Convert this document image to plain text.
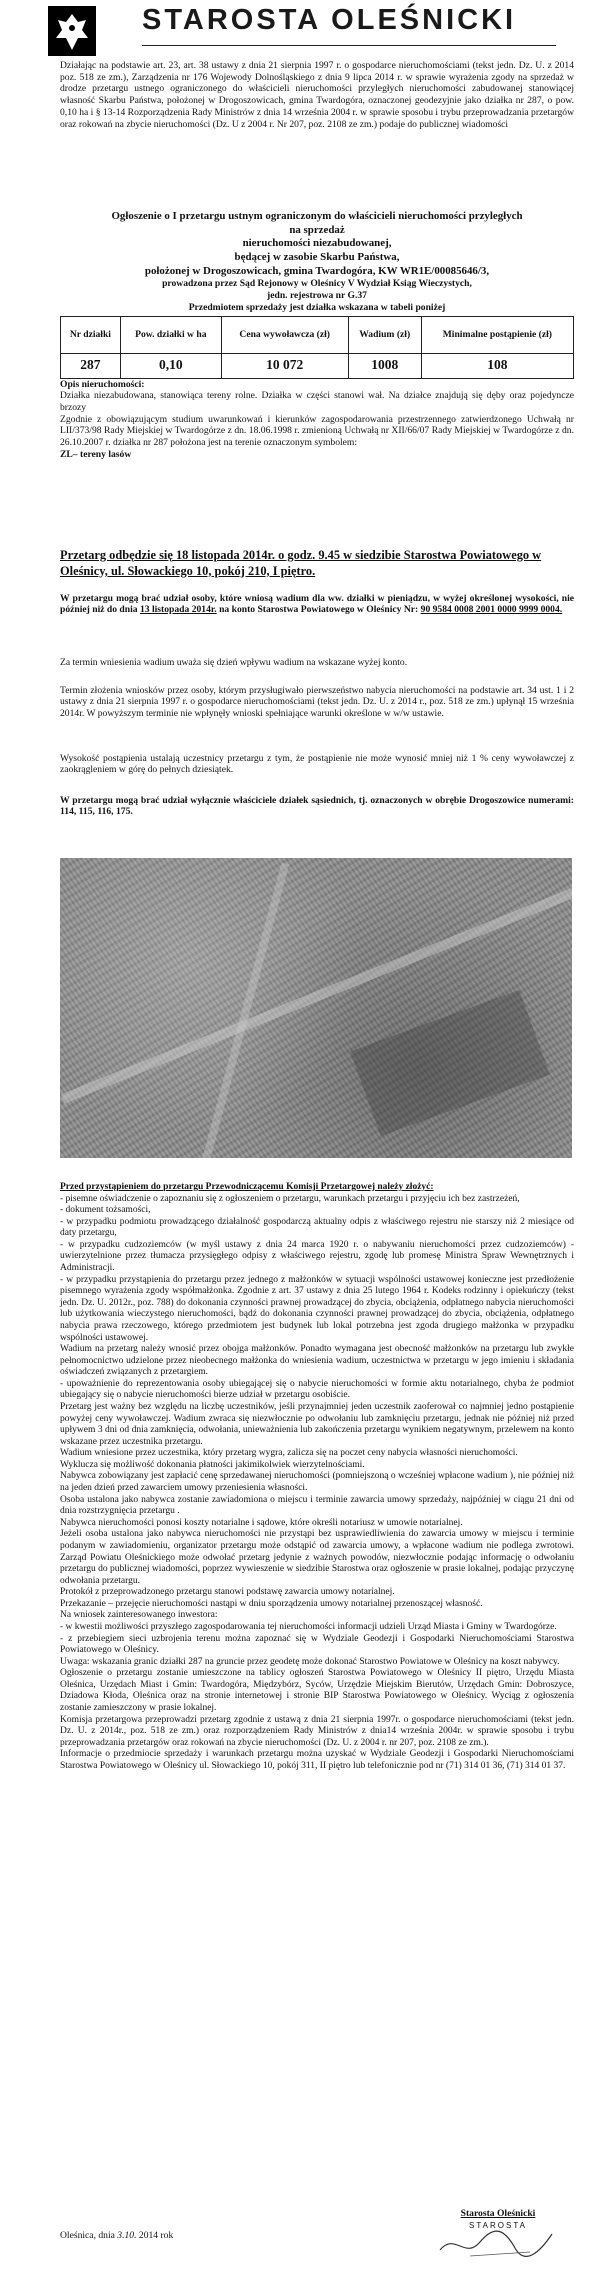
STAROSTA OLEŚNICKI

Działając na podstawie art. 23, art. 38 ustawy z dnia 21 sierpnia 1997 r. o gospodarce nieruchomościami (tekst jedn. Dz. U. z 2014 poz. 518 ze zm.), Zarządzenia nr 176 Wojewody Dolnośląskiego z dnia 9 lipca 2014 r. w sprawie wyrażenia zgody na sprzedaż w drodze przetargu ustnego ograniczonego do właścicieli nieruchomości przyległych nieruchomości zabudowanej stanowiącej własność Skarbu Państwa, położonej w Drogoszowicach, gmina Twardogóra, oznaczonej geodezyjnie jako działka nr 287, o pow. 0,10 ha i § 13-14 Rozporządzenia Rady Ministrów z dnia 14 września 2004 r. w sprawie sposobu i trybu przeprowadzania przetargów oraz rokowań na zbycie nieruchomości (Dz. U z 2004 r. Nr 207, poz. 2108 ze zm.) podaje do publicznej wiadomości

Ogłoszenie o I przetargu ustnym ograniczonym do właścicieli nieruchomości przyległych
na sprzedaż
nieruchomości niezabudowanej,
będącej w zasobie Skarbu Państwa,
położonej w Drogoszowicach, gmina Twardogóra, KW WR1E/00085646/3,
prowadzona przez Sąd Rejonowy w Oleśnicy V Wydział Ksiąg Wieczystych,
jedn. rejestrowa nr G.37
Przedmiotem sprzedaży jest działka wskazana w tabeli poniżej
Nr działki	Pow. działki w ha	Cena wywoławcza (zł)	Wadium (zł)	Minimalne postąpienie (zł)
287	0,10	10 072	1008	108

Opis nieruchomości:

Działka niezabudowana, stanowiąca tereny rolne. Działka w części stanowi wał. Na działce znajdują się dęby oraz pojedyncze brzozy

Zgodnie z obowiązującym studium uwarunkowań i kierunków zagospodarowania przestrzennego zatwierdzonego Uchwałą nr LII/373/98 Rady Miejskiej w Twardogórze z dn. 18.06.1998 r. zmienioną Uchwałą nr XII/66/07 Rady Miejskiej w Twardogórze z dn. 26.10.2007 r. działka nr 287 położona jest na terenie oznaczonym symbolem:

ZL– tereny lasów

Przetarg odbędzie się 18 listopada 2014r. o godz. 9.45 w siedzibie Starostwa Powiatowego w Oleśnicy, ul. Słowackiego 10, pokój 210, I piętro.

W przetargu mogą brać udział osoby, które wniosą wadium dla ww. działki w pieniądzu, w wyżej określonej wysokości, nie później niż do dnia 13 listopada 2014r. na konto Starostwa Powiatowego w Oleśnicy Nr: 90 9584 0008 2001 0000 9999 0004.

Za termin wniesienia wadium uważa się dzień wpływu wadium na wskazane wyżej konto.

Termin złożenia wniosków przez osoby, którym przysługiwało pierwszeństwo nabycia nieruchomości na podstawie art. 34 ust. 1 i 2 ustawy z dnia 21 sierpnia 1997 r. o gospodarce nieruchomościami (tekst jedn. Dz. U. z 2014 r., poz. 518 ze zm.) upłynął 15 września 2014r. W powyższym terminie nie wpłynęły wnioski spełniające warunki określone w w/w ustawie.

Wysokość postąpienia ustalają uczestnicy przetargu z tym, że postąpienie nie może wynosić mniej niż 1 % ceny wywoławczej z zaokrągleniem w górę do pełnych dziesiątek.

W przetargu mogą brać udział wyłącznie właściciele działek sąsiednich, tj. oznaczonych w obrębie Drogoszowice numerami: 114, 115, 116, 175.

Przed przystąpieniem do przetargu Przewodniczącemu Komisji Przetargowej należy złożyć:

- pisemne oświadczenie o zapoznaniu się z ogłoszeniem o przetargu, warunkach przetargu i przyjęciu ich bez zastrzeżeń,

- dokument tożsamości,

- w przypadku podmiotu prowadzącego działalność gospodarczą aktualny odpis z właściwego rejestru nie starszy niż 2 miesiące od daty przetargu,

- w przypadku cudzoziemców (w myśl ustawy z dnia 24 marca 1920 r. o nabywaniu nieruchomości przez cudzoziemców) - uwierzytelnione przez tłumacza przysięgłego odpisy z właściwego rejestru, zgodę lub promesę Ministra Spraw Wewnętrznych i Administracji.

- w przypadku przystąpienia do przetargu przez jednego z małżonków w sytuacji wspólności ustawowej konieczne jest przedłożenie pisemnego wyrażenia zgody współmałżonka. Zgodnie z art. 37 ustawy z dnia 25 lutego 1964 r. Kodeks rodzinny i opiekuńczy (tekst jedn. Dz. U. 2012r., poz. 788) do dokonania czynności prawnej prowadzącej do zbycia, obciążenia, odpłatnego nabycia nieruchomości lub użytkowania wieczystego nieruchomości, bądź do dokonania czynności prawnej prowadzącej do zbycia, obciążenia, odpłatnego nabycia prawa rzeczowego, którego przedmiotem jest budynek lub lokal potrzebna jest zgoda drugiego małżonka w przypadku wspólności ustawowej.

Wadium na przetarg należy wnosić przez obojga małżonków. Ponadto wymagana jest obecność małżonków na przetargu lub zwykłe pełnomocnictwo udzielone przez nieobecnego małżonka do wniesienia wadium, uczestnictwa w przetargu w jego imieniu i składania oświadczeń związanych z przetargiem.

- upoważnienie do reprezentowania osoby ubiegającej się o nabycie nieruchomości w formie aktu notarialnego, chyba że podmiot ubiegający się o nabycie nieruchomości bierze udział w przetargu osobiście.

Przetarg jest ważny bez względu na liczbę uczestników, jeśli przynajmniej jeden uczestnik zaoferował co najmniej jedno postąpienie powyżej ceny wywoławczej. Wadium zwraca się niezwłocznie po odwołaniu lub zamknięciu przetargu, jednak nie później niż przed upływem 3 dni od dnia zamknięcia, odwołania, unieważnienia lub zakończenia przetargu wynikiem negatywnym, przelewem na konto wskazane przez uczestnika przetargu.

Wadium wniesione przez uczestnika, który przetarg wygra, zalicza się na poczet ceny nabycia własności nieruchomości.

Wyklucza się możliwość dokonania płatności jakimikolwiek wierzytelnościami.

Nabywca zobowiązany jest zapłacić cenę sprzedawanej nieruchomości (pomniejszoną o wcześniej wpłacone wadium ), nie później niż na jeden dzień przed zawarciem umowy przeniesienia własności.

Osoba ustalona jako nabywca zostanie zawiadomiona o miejscu i terminie zawarcia umowy sprzedaży, najpóźniej w ciągu 21 dni od dnia rozstrzygnięcia przetargu .

Nabywca nieruchomości ponosi koszty notarialne i sądowe, które określi notariusz w umowie notarialnej.

Jeżeli osoba ustalona jako nabywca nieruchomości nie przystąpi bez usprawiedliwienia do zawarcia umowy w miejscu i terminie podanym w zawiadomieniu, organizator przetargu może odstąpić od zawarcia umowy, a wpłacone wadium nie podlega zwrotowi. Zarząd Powiatu Oleśnickiego może odwołać przetarg jedynie z ważnych powodów, niezwłocznie podając informację o odwołaniu przetargu do publicznej wiadomości, poprzez wywieszenie w siedzibie Starostwa oraz ogłoszenie w prasie lokalnej, podając przyczynę odwołania przetargu.

Protokół z przeprowadzonego przetargu stanowi podstawę zawarcia umowy notarialnej.

Przekazanie – przejęcie nieruchomości nastąpi w dniu sporządzenia umowy notarialnej przenoszącej własność.

Na wniosek zainteresowanego inwestora:

- w kwestii możliwości przyszłego zagospodarowania tej nieruchomości informacji udzieli Urząd Miasta i Gminy w Twardogórze.

- z przebiegiem sieci uzbrojenia terenu można zapoznać się w Wydziale Geodezji i Gospodarki Nieruchomościami Starostwa Powiatowego w Oleśnicy.

Uwaga: wskazania granic działki 287 na gruncie przez geodetę może dokonać Starostwo Powiatowe w Oleśnicy na koszt nabywcy.

Ogłoszenie o przetargu zostanie umieszczone na tablicy ogłoszeń Starostwa Powiatowego w Oleśnicy II piętro, Urzędu Miasta Oleśnica, Urzędach Miast i Gmin: Twardogóra, Międzybórz, Syców, Urzędzie Miejskim Bierutów, Urzędach Gmin: Dobroszyce, Dziadowa Kłoda, Oleśnica oraz na stronie internetowej i stronie BIP Starostwa Powiatowego w Oleśnicy. Wyciąg z ogłoszenia zostanie zamieszczony w prasie lokalnej.

Komisja przetargowa przeprowadzi przetarg zgodnie z ustawą z dnia 21 sierpnia 1997r. o gospodarce nieruchomościami (tekst jedn. Dz. U. z 2014r., poz. 518 ze zm.) oraz rozporządzeniem Rady Ministrów z dnia14 września 2004r. w sprawie sposobu i trybu przeprowadzania przetargów oraz rokowań na zbycie nieruchomości (Dz. U. z 2004 r. nr 207, poz. 2108 ze zm.).

Informacje o przedmiocie sprzedaży i warunkach przetargu można uzyskać w Wydziale Geodezji i Gospodarki Nieruchomościami Starostwa Powiatowego w Oleśnicy ul. Słowackiego 10, pokój 311, II piętro lub telefonicznie pod nr (71) 314 01 36, (71) 314 01 37.

Oleśnica, dnia 3.10. 2014 rok
Starosta Oleśnicki
STAROSTA
